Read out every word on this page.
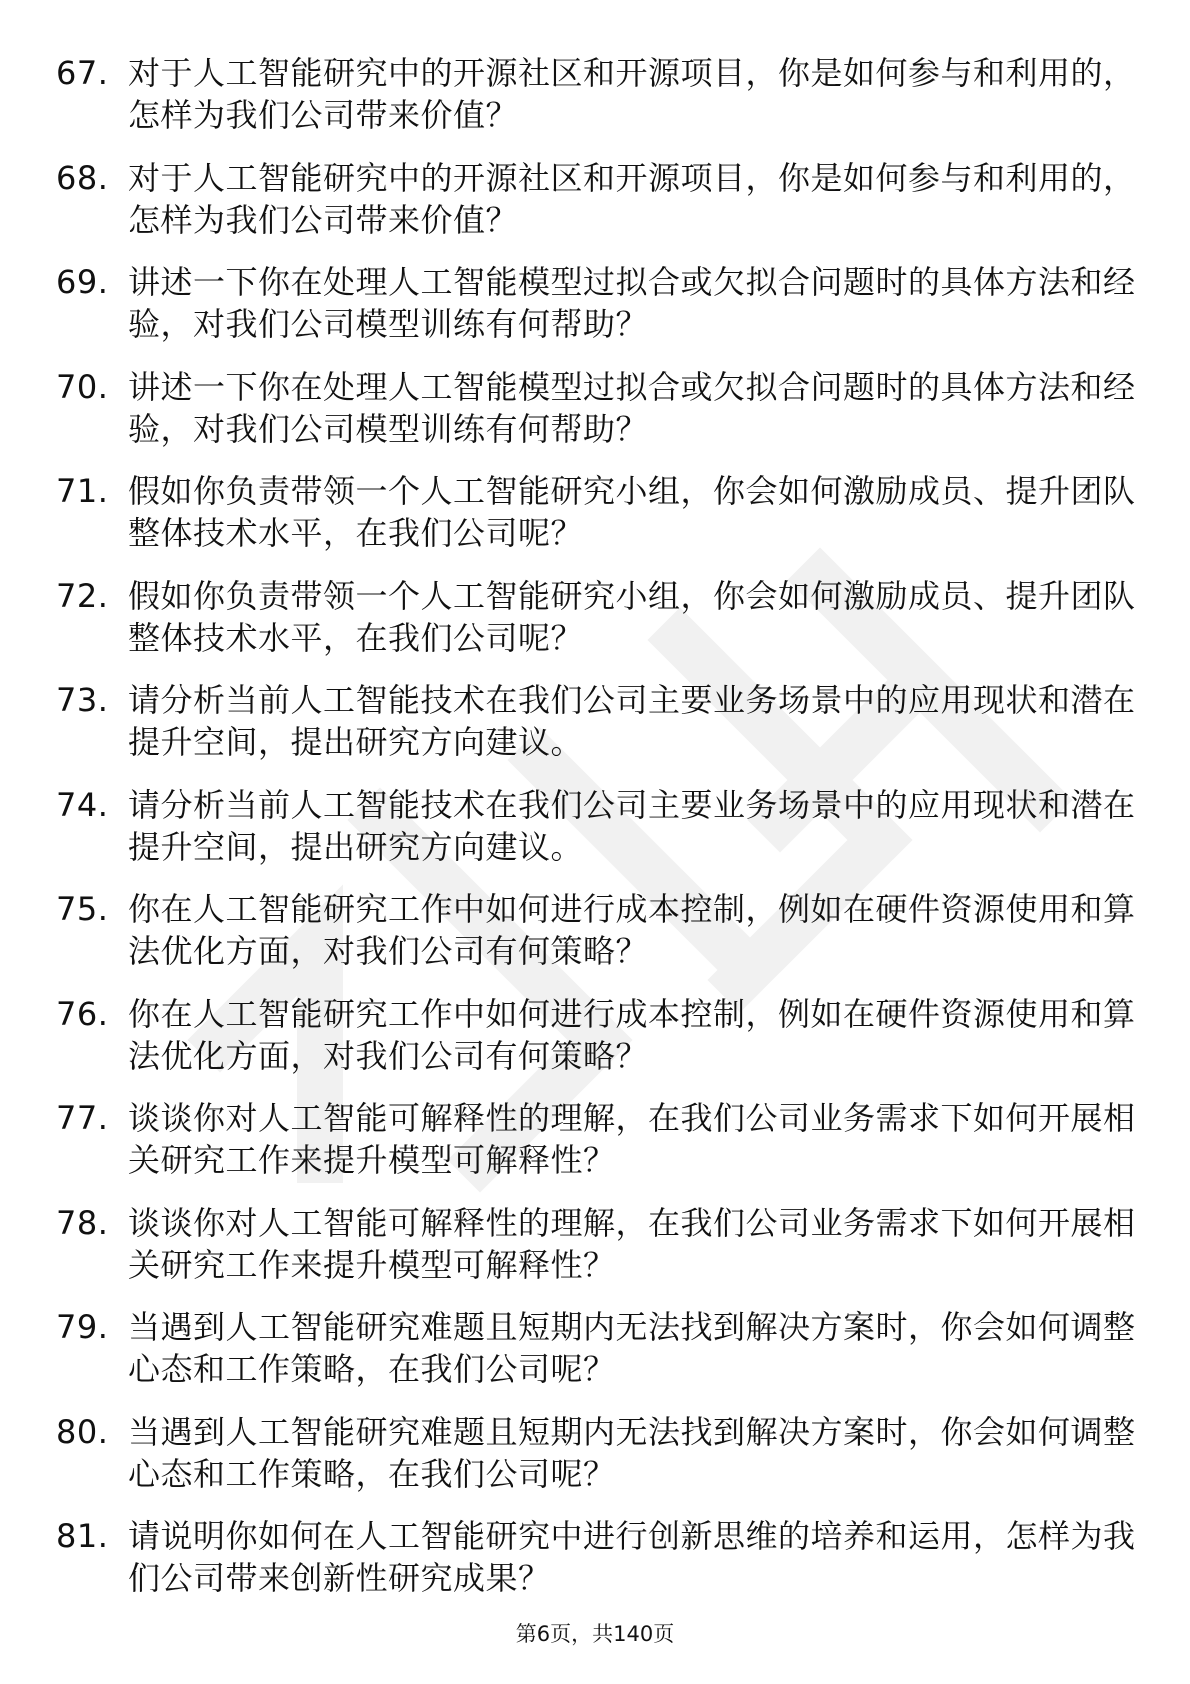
67. 对于人工智能研究中的开源社区和开源项目，你是如何参与和利用的，怎样为我们公司带来价值？
68. 对于人工智能研究中的开源社区和开源项目，你是如何参与和利用的，怎样为我们公司带来价值？
69. 讲述一下你在处理人工智能模型过拟合或欠拟合问题时的具体方法和经验，对我们公司模型训练有何帮助？
70. 讲述一下你在处理人工智能模型过拟合或欠拟合问题时的具体方法和经验，对我们公司模型训练有何帮助？
71. 假如你负责带领一个人工智能研究小组，你会如何激励成员、提升团队整体技术水平，在我们公司呢？
72. 假如你负责带领一个人工智能研究小组，你会如何激励成员、提升团队整体技术水平，在我们公司呢？
73. 请分析当前人工智能技术在我们公司主要业务场景中的应用现状和潜在提升空间，提出研究方向建议。
74. 请分析当前人工智能技术在我们公司主要业务场景中的应用现状和潜在提升空间，提出研究方向建议。
75. 你在人工智能研究工作中如何进行成本控制，例如在硬件资源使用和算法优化方面，对我们公司有何策略？
76. 你在人工智能研究工作中如何进行成本控制，例如在硬件资源使用和算法优化方面，对我们公司有何策略？
77. 谈谈你对人工智能可解释性的理解，在我们公司业务需求下如何开展相关研究工作来提升模型可解释性？
78. 谈谈你对人工智能可解释性的理解，在我们公司业务需求下如何开展相关研究工作来提升模型可解释性？
79. 当遇到人工智能研究难题且短期内无法找到解决方案时，你会如何调整心态和工作策略，在我们公司呢？
80. 当遇到人工智能研究难题且短期内无法找到解决方案时，你会如何调整心态和工作策略，在我们公司呢？
81. 请说明你如何在人工智能研究中进行创新思维的培养和运用，怎样为我们公司带来创新性研究成果？
第6页，共140页
